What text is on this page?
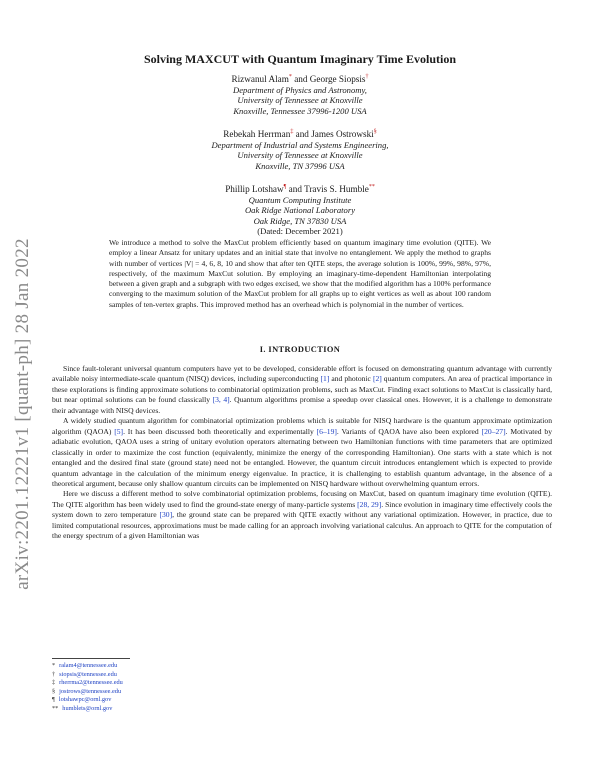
arXiv:2201.12221v1 [quant-ph] 28 Jan 2022
Solving MAXCUT with Quantum Imaginary Time Evolution
Rizwanul Alam* and George Siopsis†
Department of Physics and Astronomy,
University of Tennessee at Knoxville
Knoxville, Tennessee 37996-1200 USA
Rebekah Herrman‡ and James Ostrowski§
Department of Industrial and Systems Engineering,
University of Tennessee at Knoxville
Knoxville, TN 37996 USA
Phillip Lotshaw¶ and Travis S. Humble**
Quantum Computing Institute
Oak Ridge National Laboratory
Oak Ridge, TN 37830 USA
(Dated: December 2021)
We introduce a method to solve the MaxCut problem efficiently based on quantum imaginary time evolution (QITE). We employ a linear Ansatz for unitary updates and an initial state that involve no entanglement. We apply the method to graphs with number of vertices |V| = 4, 6, 8, 10 and show that after ten QITE steps, the average solution is 100%, 99%, 98%, 97%, respectively, of the maximum MaxCut solution. By employing an imaginary-time-dependent Hamiltonian interpolating between a given graph and a subgraph with two edges excised, we show that the modified algorithm has a 100% performance converging to the maximum solution of the MaxCut problem for all graphs up to eight vertices as well as about 100 random samples of ten-vertex graphs. This improved method has an overhead which is polynomial in the number of vertices.
I. INTRODUCTION

Since fault-tolerant universal quantum computers have yet to be developed, considerable effort is focused on demonstrating quantum advantage with currently available noisy intermediate-scale quantum (NISQ) devices, including superconducting [1] and photonic [2] quantum computers. An area of practical importance in these explorations is finding approximate solutions to combinatorial optimization problems, such as MaxCut. Finding exact solutions to MaxCut is classically hard, but near optimal solutions can be found classically [3, 4]. Quantum algorithms promise a speedup over classical ones. However, it is a challenge to demonstrate their advantage with NISQ devices.

A widely studied quantum algorithm for combinatorial optimization problems which is suitable for NISQ hardware is the quantum approximate optimization algorithm (QAOA) [5]. It has been discussed both theoretically and experimentally [6–19]. Variants of QAOA have also been explored [20–27]. Motivated by adiabatic evolution, QAOA uses a string of unitary evolution operators alternating between two Hamiltonian functions with time parameters that are optimized classically in order to maximize the cost function (equivalently, minimize the energy of the corresponding Hamiltonian). One starts with a state which is not entangled and the desired final state (ground state) need not be entangled. However, the quantum circuit introduces entanglement which is expected to provide quantum advantage in the calculation of the minimum energy eigenvalue. In practice, it is challenging to establish quantum advantage, in the absence of a theoretical argument, because only shallow quantum circuits can be implemented on NISQ hardware without overwhelming quantum errors.

Here we discuss a different method to solve combinatorial optimization problems, focusing on MaxCut, based on quantum imaginary time evolution (QITE). The QITE algorithm has been widely used to find the ground-state energy of many-particle systems [28, 29]. Since evolution in imaginary time effectively cools the system down to zero temperature [30], the ground state can be prepared with QITE exactly without any variational optimization. However, in practice, due to limited computational resources, approximations must be made calling for an approach involving variational calculus. An approach to QITE for the computation of the energy spectrum of a given Hamiltonian was

* ralam4@tennessee.edu
† siopsis@tennessee.edu
‡ rherrma2@tennessee.edu
§ jostrows@tennessee.edu
¶ lotshawpc@ornl.gov
** humblets@ornl.gov
